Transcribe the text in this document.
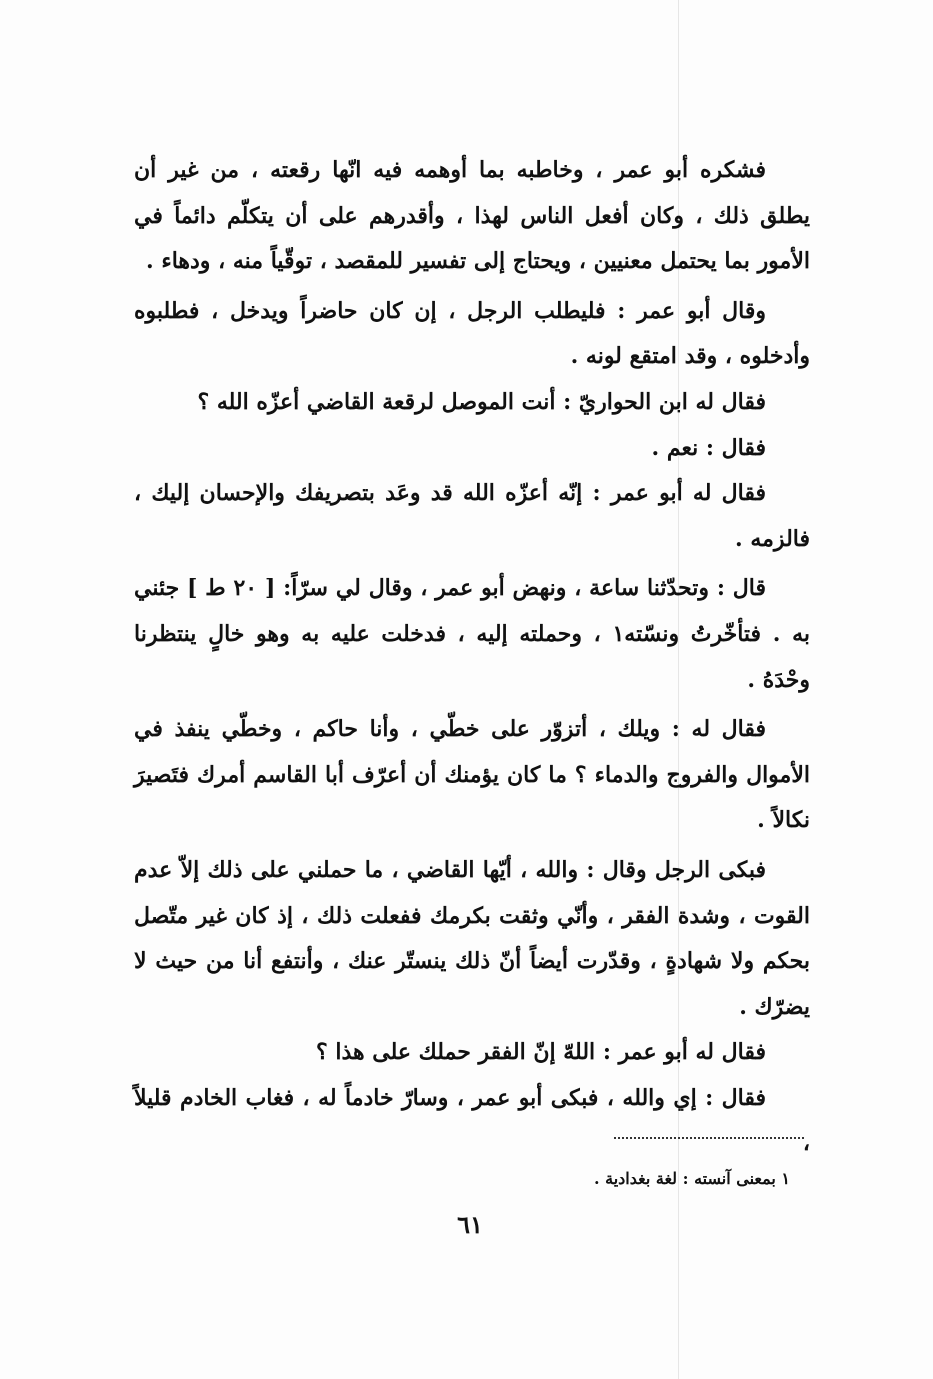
فشكره أبو عمر ، وخاطبه بما أوهمه فيه انّها رقعته ، من غير أن يطلق ذلك ، وكان أفعل الناس لهذا ، وأقدرهم على أن يتكلّم دائماً في الأمور بما يحتمل معنيين ، ويحتاج إلى تفسير للمقصد ، توقّياً منه ، ودهاء .

وقال أبو عمر : فليطلب الرجل ، إن كان حاضراً ويدخل ، فطلبوه وأدخلوه ، وقد امتقع لونه .

فقال له ابن الحواريّ : أنت الموصل لرقعة القاضي أعزّه الله ؟

فقال : نعم .

فقال له أبو عمر : إنّه أعزّه الله قد وعَد بتصريفك والإحسان إليك ، فالزمه .

قال : وتحدّثنا ساعة ، ونهض أبو عمر ، وقال لي سرّاً: [ ٢٠ ط ] جئني به . فتأخّرتُ ونسّته١ ، وحملته إليه ، فدخلت عليه به وهو خالٍ ينتظرنا وحْدَهُ .

فقال له : ويلك ، أتزوّر على خطّي ، وأنا حاكم ، وخطّي ينفذ في الأموال والفروج والدماء ؟ ما كان يؤمنك أن أعرّف أبا القاسم أمرك فتَصيرَ نكالاً .

فبكى الرجل وقال : والله ، أيّها القاضي ، ما حملني على ذلك إلاّ عدم القوت ، وشدة الفقر ، وأنّي وثقت بكرمك ففعلت ذلك ، إذ كان غير متّصل بحكم ولا شهادةٍ ، وقدّرت أيضاً أنّ ذلك ينستّر عنك ، وأنتفع أنا من حيث لا يضرّك .

فقال له أبو عمر : اللهّ إنّ الفقر حملك على هذا ؟

فقال : إي والله ، فبكى أبو عمر ، وسارّ خادماً له ، فغاب الخادم قليلاً ،

١ بمعنى آنسته : لغة بغدادية .
٦١
